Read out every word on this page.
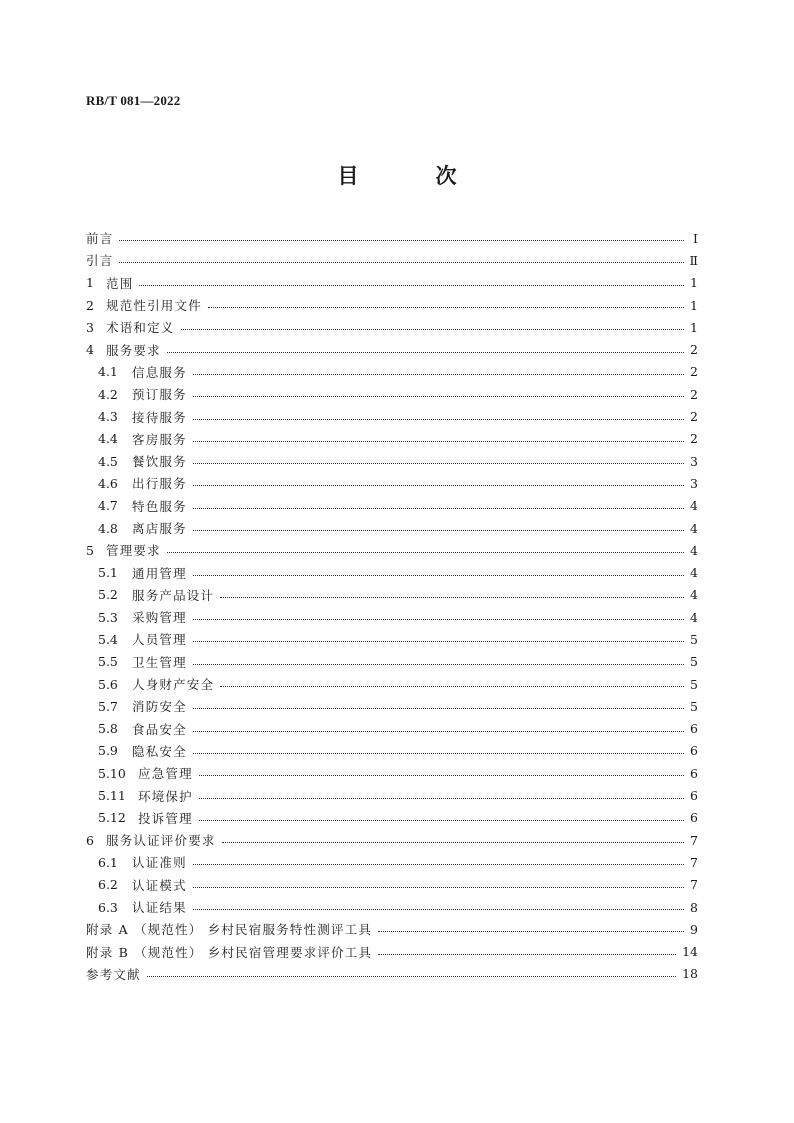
RB/T 081—2022
目　次
前言	Ⅰ
引言	Ⅱ
1 范围	1
2 规范性引用文件	1
3 术语和定义	1
4 服务要求	2
4.1	信息服务	2
4.2	预订服务	2
4.3	接待服务	2
4.4	客房服务	2
4.5	餐饮服务	3
4.6	出行服务	3
4.7	特色服务	4
4.8	离店服务	4
5 管理要求	4
5.1	通用管理	4
5.2	服务产品设计	4
5.3	采购管理	4
5.4	人员管理	5
5.5	卫生管理	5
5.6	人身财产安全	5
5.7	消防安全	5
5.8	食品安全	6
5.9	隐私安全	6
5.10 应急管理	6
5.11 环境保护	6
5.12 投诉管理	6
6 服务认证评价要求	7
6.1	认证准则	7
6.2	认证模式	7
6.3	认证结果	8
附录 A （规范性） 乡村民宿服务特性测评工具	9
附录 B （规范性） 乡村民宿管理要求评价工具	14
参考文献	18
